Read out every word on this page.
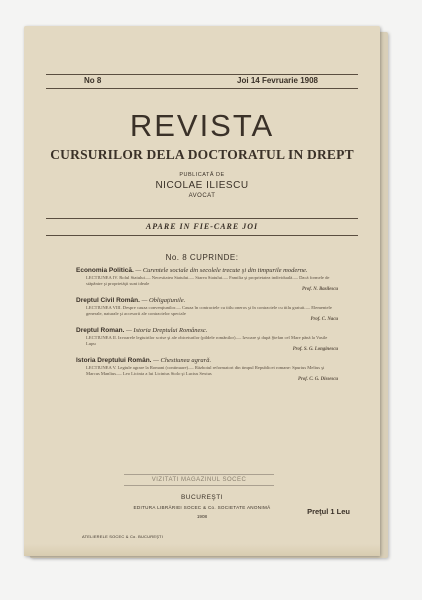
No 8	Joi 14 Fevruarie 1908
REVISTA
CURSURILOR DELA DOCTORATUL IN DREPT
PUBLICATĂ DE
NICOLAE ILIESCU
AVOCAT
APARE IN FIE-CARE JOI
No. 8 CUPRINDE:
Economia Politică. — Curentele sociale din secolele trecute şi din timpurile moderne.
LECTIUNEA IV. Rolul Statului.— Necesitatea Statului.— Starea Statului.— Familia şi proprietatea individuală.— Dacă formele de stăpânire şi proprietăţii sunt ideale
Prof. N. Basilescu
Dreptul Civil Român. — Obligaţiunile.
LECTIUNEA VIII. Despre cauza convenţiunilor.— Cauza în contractele cu titlu oneros şi în contractele cu titlu gratuit.— Elementele generale, naturale şi accesorii ale contractelor speciale
Prof. C. Nacu
Dreptul Roman. — Istoria Dreptului Românesc.
LECTIUNEA II. Izvoarele legiuirilor scrise şi ale obiceiurilor (pildele românilor).— Izvoare şi după Ştefan cel Mare până la Vasile Lupu
Prof. S. G. Longinescu
Istoria Dreptului Român. — Chestiunea agrară.
LECTIUNEA V. Legiule agrare la Romani (continuare).— Războiul reformatori din timpul Republicei romane: Spurius Melius şi Marcus Manlius.— Leo Licinia a lui Licinius Stolo şi Lucius Sextus
Prof. C. G. Dissescu
VIZITATI MAGAZINUL SOCEC
BUCUREŞTI
EDITURA LIBRĂRIEI SOCEC & Co. SOCIETATE ANONIMĂ
1908
Preţul 1 Leu
ATELIERELE SOCEC & Co. BUCUREŞTI
